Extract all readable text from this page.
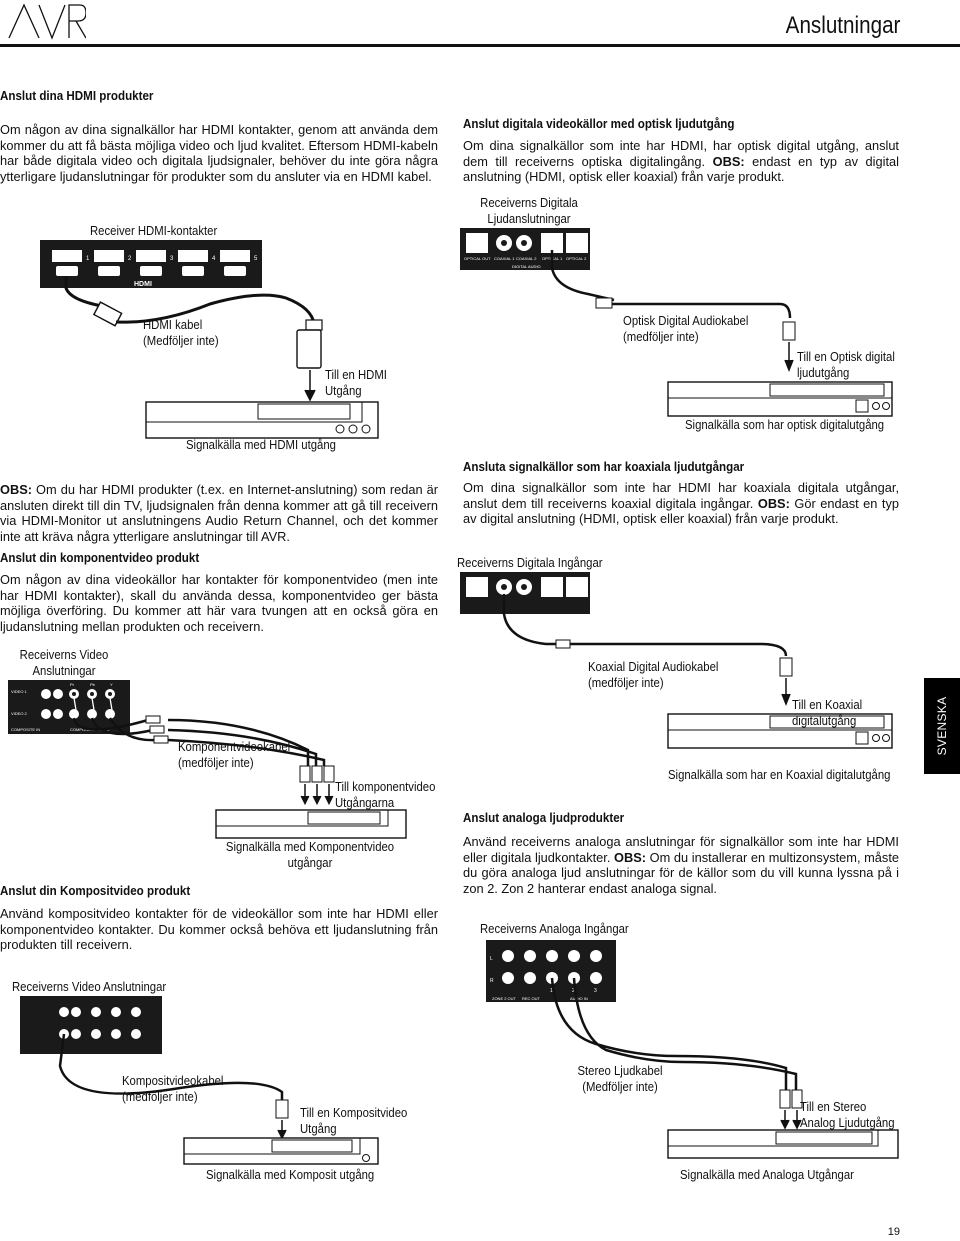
Anslutningar
Anslut dina HDMI produkter
Om någon av dina signalkällor har HDMI kontakter, genom att använda dem kommer du att få bästa möjliga video och ljud kvalitet. Eftersom HDMI-kabeln har både digitala video och digitala ljudsignaler, behöver du inte göra några ytterligare ljudanslutningar för produkter som du ansluter via en HDMI kabel.
Receiver HDMI-kontakter
1	2	3	4	5
HDMI
HDMI kabel
(Medföljer inte)
Till en HDMI
Utgång
Signalkälla med HDMI utgång
OBS: Om du har HDMI produkter (t.ex. en Internet-anslutning) som redan är ansluten direkt till din TV, ljudsignalen från denna kommer att gå till receivern via HDMI-Monitor ut anslutningens Audio Return Channel, och det kommer inte att kräva några ytterligare anslutningar till AVR.
Anslut din komponentvideo produkt
Om någon av dina videokällor har kontakter för komponentvideo (men inte har HDMI kontakter), skall du använda dessa, komponentvideo ger bästa möjliga överföring. Du kommer att här vara tvungen att en också göra en ljudanslutning mellan produkten och receivern.
Receiverns Video
Anslutningar
VIDEO 1
VIDEO 2
COMPOSITE IN	COMPONENT VIDEO
Pr	Pb	Y
Komponentvideokabel
(medföljer inte)
Till komponentvideo
Utgångarna
Signalkälla med Komponentvideo
utgångar
Anslut din Kompositvideo produkt
Använd kompositvideo kontakter för de videokällor som inte har HDMI eller komponentvideo kontakter. Du kommer också behöva ett ljudanslutning från produkten till receivern.
Receiverns Video Anslutningar
Kompositvideokabel
(medföljer inte)
Till en Kompositvideo
Utgång
Signalkälla med Komposit utgång
Anslut digitala videokällor med optisk ljudutgång
Om dina signalkällor som inte har HDMI, har optisk digital utgång, anslut dem till receiverns optiska digitalingång. OBS: endast en typ av digital anslutning (HDMI, optisk eller koaxial) från varje produkt.
Receiverns Digitala
Ljudanslutningar
OPTICAL OUT COAXIAL 1 COAXIAL 2 OPTICAL 1 OPTICAL 2
DIGITAL AUDIO
Optisk Digital Audiokabel
(medföljer inte)
Till en Optisk digital
ljudutgång
Signalkälla som har optisk digitalutgång
Ansluta signalkällor som har koaxiala ljudutgångar
Om dina signalkällor som inte har HDMI har koaxiala digitala utgångar, anslut dem till receiverns koaxial digitala ingångar. OBS: Gör endast en typ av digital anslutning (HDMI, optisk eller koaxial) från varje produkt.
Receiverns Digitala Ingångar
Koaxial Digital Audiokabel
(medföljer inte)
Till en Koaxial
digitalutgång
Signalkälla som har en Koaxial digitalutgång
Anslut analoga ljudprodukter
Använd receiverns analoga anslutningar för signalkällor som inte har HDMI eller digitala ljudkontakter. OBS: Om du installerar en multizonsystem, måste du göra analoga ljud anslutningar för de källor som du vill kunna lyssna på i zon 2. Zon 2 hanterar endast analoga signal.
Receiverns Analoga Ingångar
L
R
ZONE 2 OUT REC OUT	AUDIO IN
1	2	3
Stereo Ljudkabel
(Medföljer inte)
Till en Stereo
Analog Ljudutgång
Signalkälla med Analoga Utgångar
SVENSKA
19
